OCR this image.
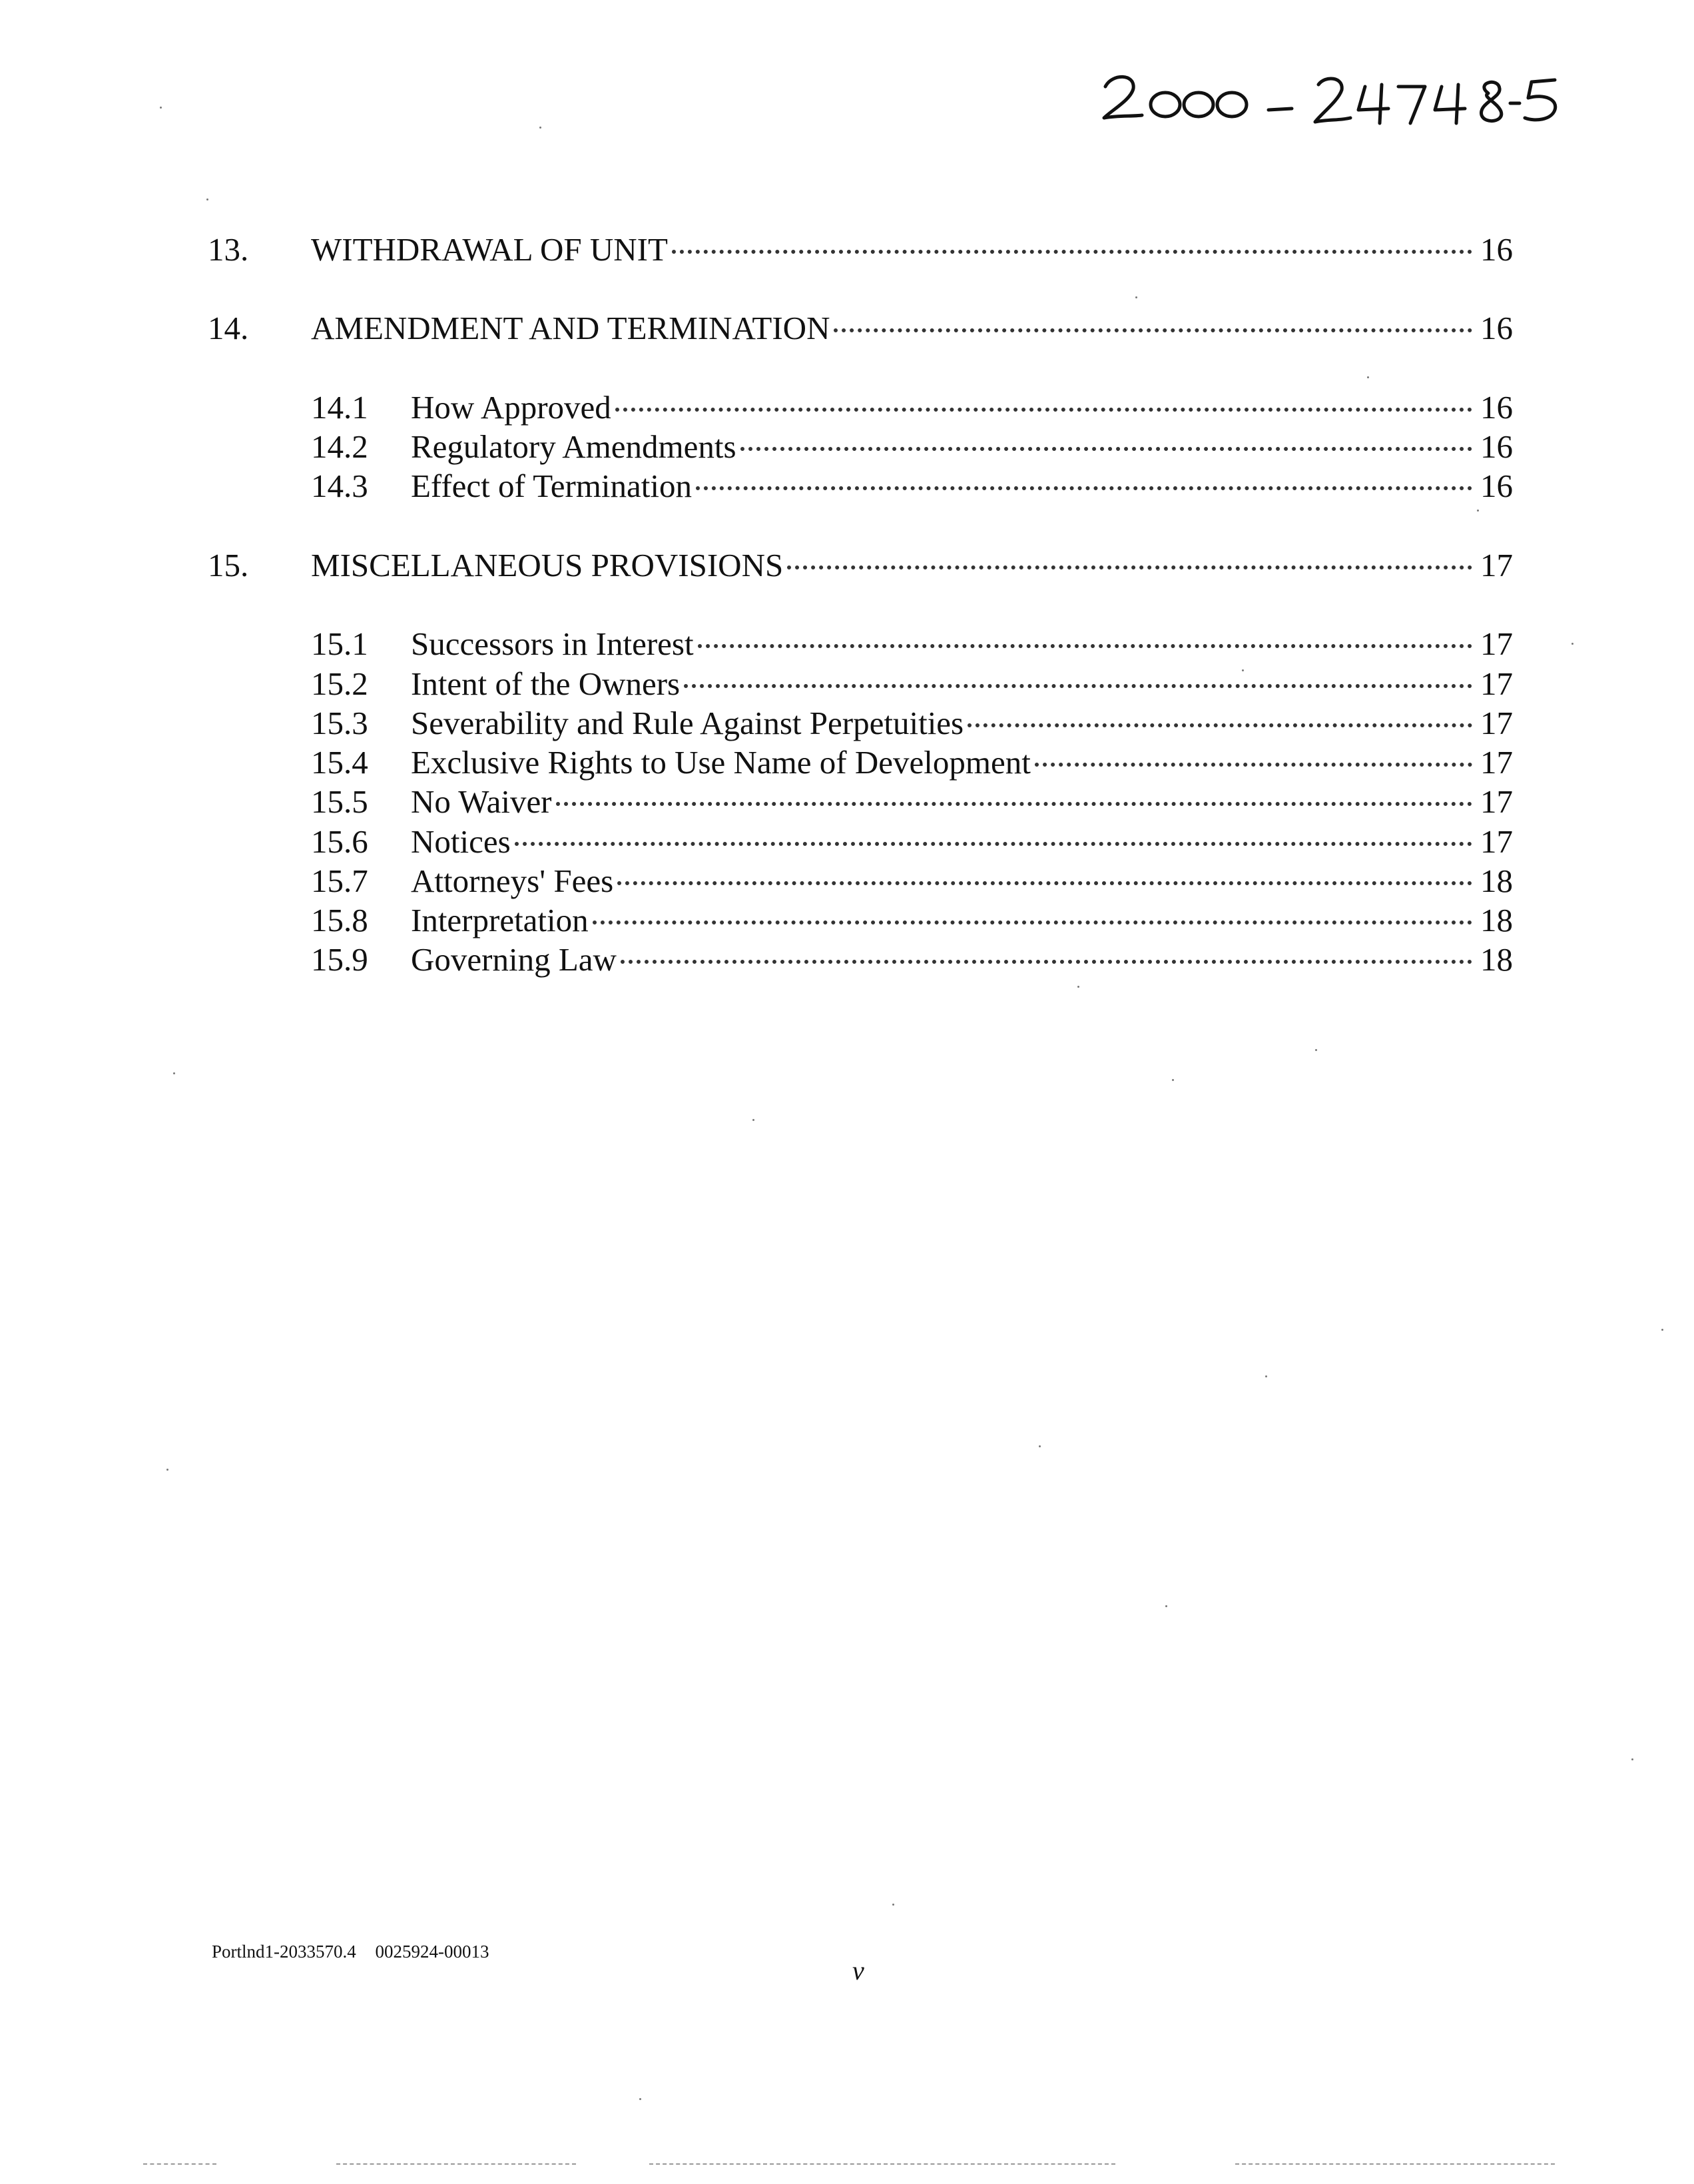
13. WITHDRAWAL OF UNIT	16
14. AMENDMENT AND TERMINATION	16
14.1 How Approved	16
14.2 Regulatory Amendments	16
14.3 Effect of Termination	16
15. MISCELLANEOUS PROVISIONS	17
15.1 Successors in Interest	17
15.2 Intent of the Owners	17
15.3 Severability and Rule Against Perpetuities	17
15.4 Exclusive Rights to Use Name of Development	17
15.5 No Waiver	17
15.6 Notices	17
15.7 Attorneys' Fees	18
15.8 Interpretation	18
15.9 Governing Law	18
Portlnd1-2033570.4 0025924-00013
v
